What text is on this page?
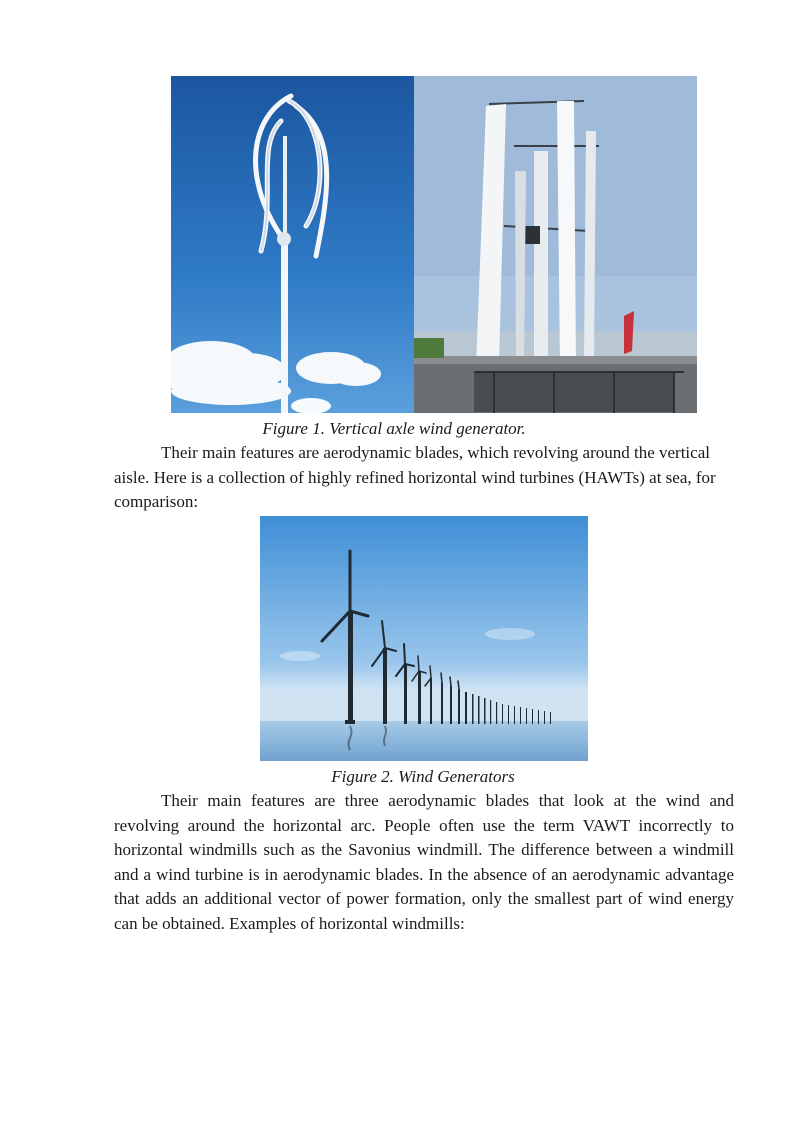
Figure 1. Vertical axle wind generator.

Their main features are aerodynamic blades, which revolving around the vertical aisle. Here is a collection of highly refined horizontal wind turbines (HAWTs) at sea, for comparison:

Figure 2. Wind Generators

Their main features are three aerodynamic blades that look at the wind and revolving around the horizontal arc. People often use the term VAWT incorrectly to horizontal windmills such as the Savonius windmill. The difference between a windmill and a wind turbine is in aerodynamic blades. In the absence of an aerodynamic advantage that adds an additional vector of power formation, only the smallest part of wind energy can be obtained. Examples of horizontal windmills:
